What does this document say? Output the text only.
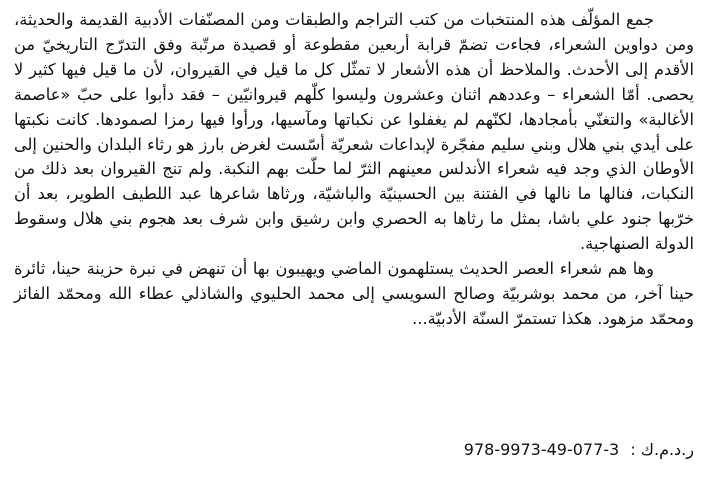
جمع المؤلّف هذه المنتخبات من كتب التراجم والطبقات ومن المصنّفات الأدبية القديمة والحديثة، ومن دواوين الشعراء، فجاءت تضمّ قرابة أربعين مقطوعة أو قصيدة مرتّبة وفق التدرّج التاريخيّ من الأقدم إلى الأحدث. والملاحظ أن هذه الأشعار لا تمثّل كل ما قيل في القيروان، لأن ما قيل فيها كثير لا يحصى. أمّا الشعراء – وعددهم اثنان وعشرون وليسوا كلّهم قيروانيّين – فقد دأبوا على حبّ «عاصمة الأغالبة» والتغنّي بأمجادها، لكنّهم لم يغفلوا عن نكباتها ومآسيها، ورأوا فيها رمزا لصمودها. كانت نكبتها على أيدي بني هلال وبني سليم مفجّرة لإبداعات شعريّة أسّست لغرض بارز هو رثاء البلدان والحنين إلى الأوطان الذي وجد فيه شعراء الأندلس معينهم الثرّ لما حلّت بهم النكبة. ولم تنج القيروان بعد ذلك من النكبات، فنالها ما نالها في الفتنة بين الحسينيّة والباشيّة، ورثاها شاعرها عبد اللطيف الطوير، بعد أن خرّبها جنود علي باشا، بمثل ما رثاها به الحصري وابن رشيق وابن شرف بعد هجوم بني هلال وسقوط الدولة الصنهاجية.

وها هم شعراء العصر الحديث يستلهمون الماضي ويهيبون بها أن تنهض في نبرة حزينة حينا، ثائرة حينا آخر، من محمد بوشربيّة وصالح السويسي إلى محمد الحليوي والشاذلي عطاء الله ومحمّد الفائز ومحمّد مزهود. هكذا تستمرّ السنّة الأدبيّة...

ر.د.م.ك : 978-9973-49-077-3
